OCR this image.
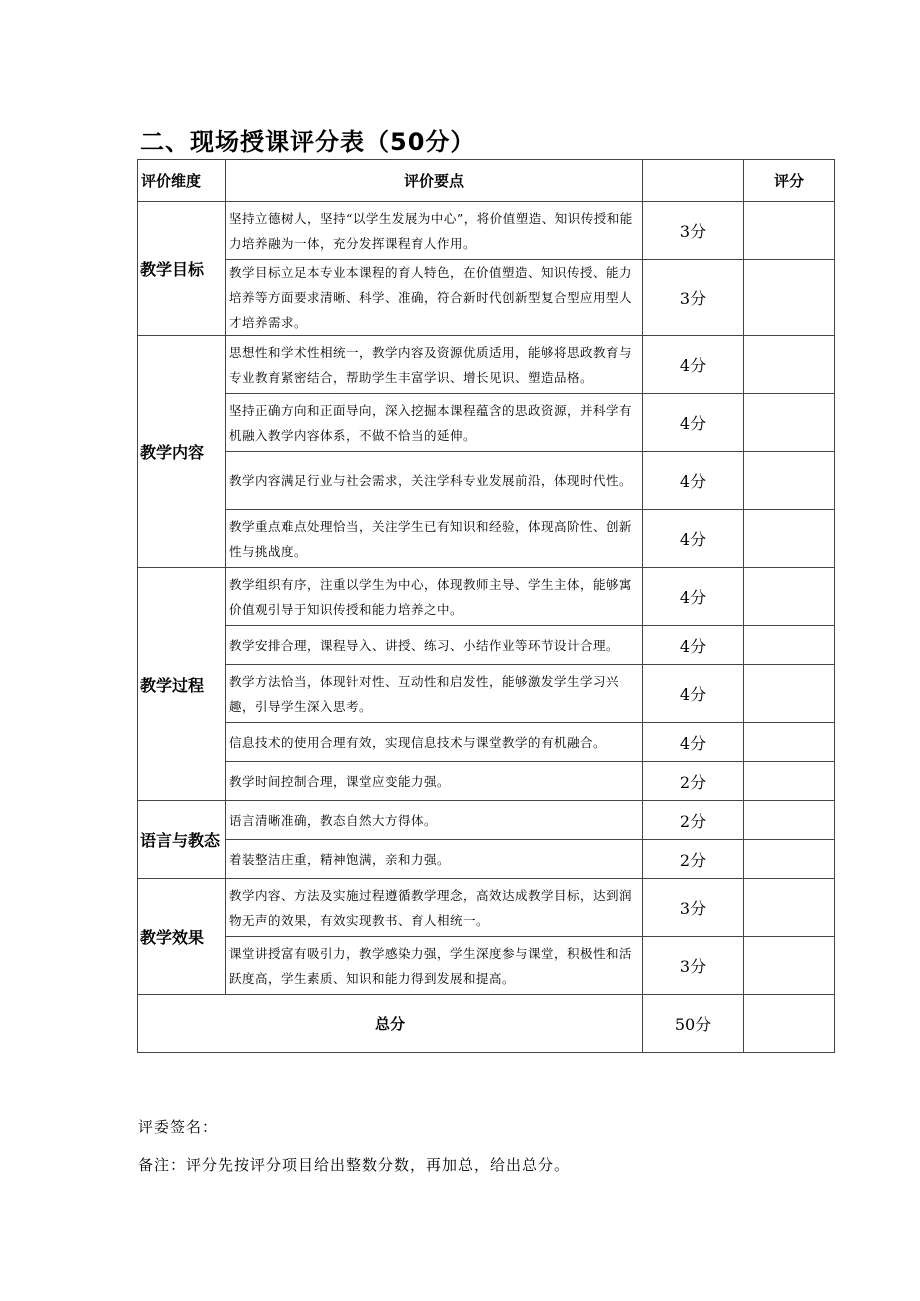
二、现场授课评分表（50分）
评价维度	评价要点		评分
教学目标	坚持立德树人，坚持“以学生发展为中心”，将价值塑造、知识传授和能力培养融为一体，充分发挥课程育人作用。	3分	
	教学目标立足本专业本课程的育人特色，在价值塑造、知识传授、能力培养等方面要求清晰、科学、准确，符合新时代创新型复合型应用型人才培养需求。	3分	
教学内容	思想性和学术性相统一，教学内容及资源优质适用，能够将思政教育与专业教育紧密结合，帮助学生丰富学识、增长见识、塑造品格。	4分	
	坚持正确方向和正面导向，深入挖掘本课程蕴含的思政资源，并科学有机融入教学内容体系，不做不恰当的延伸。	4分	
	教学内容满足行业与社会需求，关注学科专业发展前沿，体现时代性。	4分	
	教学重点难点处理恰当，关注学生已有知识和经验，体现高阶性、创新性与挑战度。	4分	
教学过程	教学组织有序，注重以学生为中心，体现教师主导、学生主体，能够寓价值观引导于知识传授和能力培养之中。	4分	
	教学安排合理，课程导入、讲授、练习、小结作业等环节设计合理。	4分	
	教学方法恰当，体现针对性、互动性和启发性，能够激发学生学习兴趣，引导学生深入思考。	4分	
	信息技术的使用合理有效，实现信息技术与课堂教学的有机融合。	4分	
	教学时间控制合理，课堂应变能力强。	2分	
语言与教态	语言清晰准确，教态自然大方得体。	2分	
	着装整洁庄重，精神饱满，亲和力强。	2分	
教学效果	教学内容、方法及实施过程遵循教学理念，高效达成教学目标，达到润物无声的效果，有效实现教书、育人相统一。	3分	
	课堂讲授富有吸引力，教学感染力强，学生深度参与课堂，积极性和活跃度高，学生素质、知识和能力得到发展和提高。	3分	
总分		50分	
评委签名：
备注：评分先按评分项目给出整数分数，再加总，给出总分。
